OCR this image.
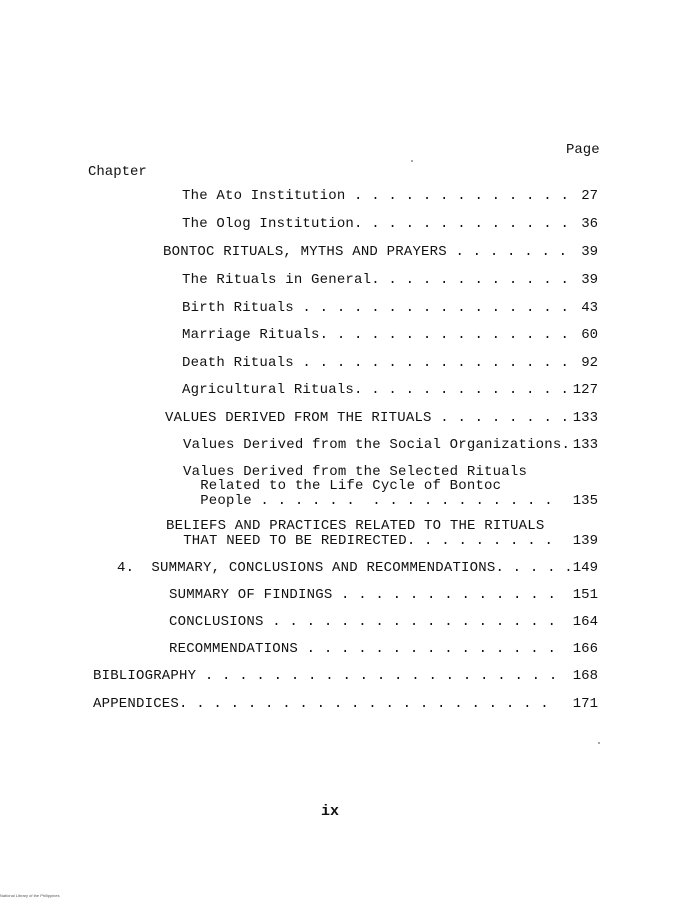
Page
Chapter

The Ato Institution . . . . . . . . . . . . . 27

The Olog Institution. . . . . . . . . . . . . 36

BONTOC RITUALS, MYTHS AND PRAYERS . . . . . . . 39

The Rituals in General. . . . . . . . . . . . 39

Birth Rituals . . . . . . . . . . . . . . . . 43

Marriage Rituals. . . . . . . . . . . . . . . 60

Death Rituals . . . . . . . . . . . . . . . . 92

Agricultural Rituals. . . . . . . . . . . . . 127

VALUES DERIVED FROM THE RITUALS . . . . . . . . 133

Values Derived from the Social Organizations. 133

Values Derived from the Selected Rituals

Related to the Life Cycle of Bontoc

People . . . . . .  . . . . . . . . . . .	135

BELIEFS AND PRACTICES RELATED TO THE RITUALS

THAT NEED TO BE REDIRECTED. . . . . . . . .	139

4.  SUMMARY, CONCLUSIONS AND RECOMMENDATIONS. . . . . 149

SUMMARY OF FINDINGS . . . . . . . . . . . . .	151

CONCLUSIONS . . . . . . . . . . . . . . . . .	164

RECOMMENDATIONS . . . . . . . . . . . . . . .	166

BIBLIOGRAPHY . . . . . . . . . . . . . . . . . . . . .	168

APPENDICES. . . . . . . . . . . . . . . . . . . . . .	171
ix
National Library of the Philippines
